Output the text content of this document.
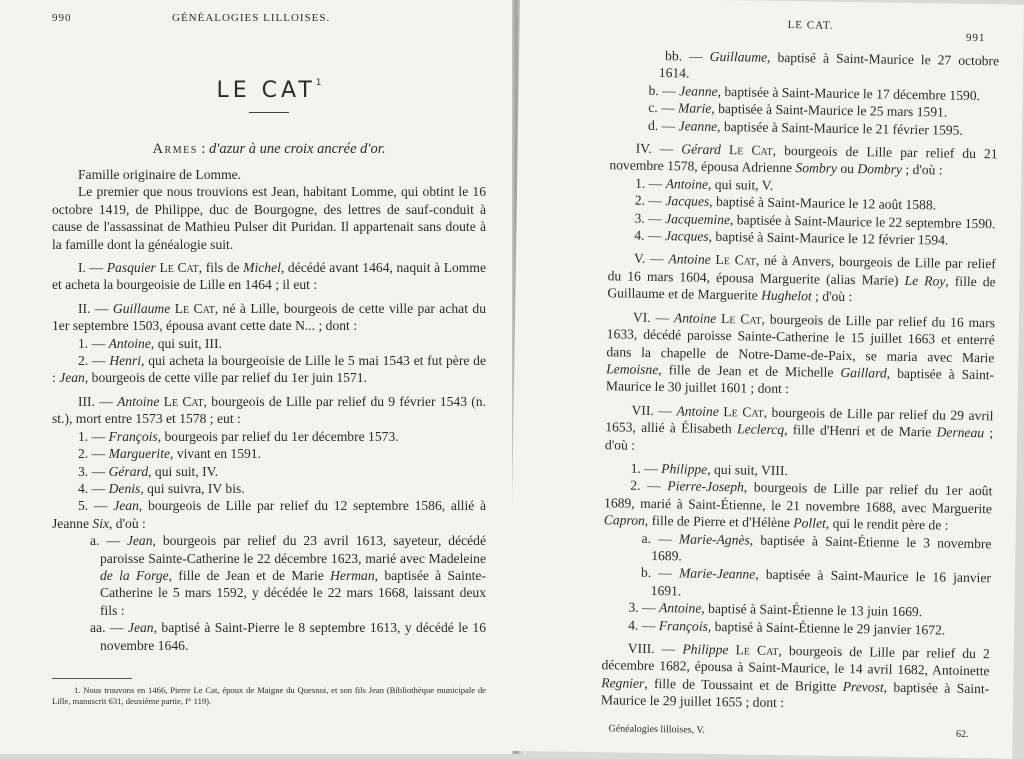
990	GÉNÉALOGIES LILLOISES.
LE CAT$^1$
Armes : d'azur à une croix ancrée d'or.

Famille originaire de Lomme.

Le premier que nous trouvions est Jean, habitant Lomme, qui obtint le 16 octobre 1419, de Philippe, duc de Bourgogne, des lettres de sauf-conduit à cause de l'assassinat de Mathieu Pulser dit Puridan. Il appartenait sans doute à la famille dont la généalogie suit.

I. — Pasquier Le Cat, fils de Michel, décédé avant 1464, naquit à Lomme et acheta la bourgeoisie de Lille en 1464 ; il eut :

II. — Guillaume Le Cat, né à Lille, bourgeois de cette ville par achat du 1er septembre 1503, épousa avant cette date N... ; dont :

1. — Antoine, qui suit, III.

2. — Henri, qui acheta la bourgeoisie de Lille le 5 mai 1543 et fut père de : Jean, bourgeois de cette ville par relief du 1er juin 1571.

III. — Antoine Le Cat, bourgeois de Lille par relief du 9 février 1543 (n. st.), mort entre 1573 et 1578 ; eut :

1. — François, bourgeois par relief du 1er décembre 1573.

2. — Marguerite, vivant en 1591.

3. — Gérard, qui suit, IV.

4. — Denis, qui suivra, IV bis.

5. — Jean, bourgeois de Lille par relief du 12 septembre 1586, allié à Jeanne Six, d'où :

a. — Jean, bourgeois par relief du 23 avril 1613, sayeteur, décédé paroisse Sainte-Catherine le 22 décembre 1623, marié avec Madeleine de la Forge, fille de Jean et de Marie Herman, baptisée à Sainte-Catherine le 5 mars 1592, y décédée le 22 mars 1668, laissant deux fils :

aa. — Jean, baptisé à Saint-Pierre le 8 septembre 1613, y décédé le 16 novembre 1646.

1. Nous trouvons en 1466, Pierre Le Cat, époux de Maigne du Quesnoi, et son fils Jean (Bibliothèque municipale de Lille, manuscrit 631, deuxième partie, f° 119).

LE CAT.
991

bb. — Guillaume, baptisé à Saint-Maurice le 27 octobre 1614.

b. — Jeanne, baptisée à Saint-Maurice le 17 décembre 1590.

c. — Marie, baptisée à Saint-Maurice le 25 mars 1591.

d. — Jeanne, baptisée à Saint-Maurice le 21 février 1595.

IV. — Gérard Le Cat, bourgeois de Lille par relief du 21 novembre 1578, épousa Adrienne Sombry ou Dombry ; d'où :

1. — Antoine, qui suit, V.

2. — Jacques, baptisé à Saint-Maurice le 12 août 1588.

3. — Jacquemine, baptisée à Saint-Maurice le 22 septembre 1590.

4. — Jacques, baptisé à Saint-Maurice le 12 février 1594.

V. — Antoine Le Cat, né à Anvers, bourgeois de Lille par relief du 16 mars 1604, épousa Marguerite (alias Marie) Le Roy, fille de Guillaume et de Marguerite Hughelot ; d'où :

VI. — Antoine Le Cat, bourgeois de Lille par relief du 16 mars 1633, décédé paroisse Sainte-Catherine le 15 juillet 1663 et enterré dans la chapelle de Notre-Dame-de-Paix, se maria avec Marie Lemoisne, fille de Jean et de Michelle Gaillard, baptisée à Saint-Maurice le 30 juillet 1601 ; dont :

VII. — Antoine Le Cat, bourgeois de Lille par relief du 29 avril 1653, allié à Élisabeth Leclercq, fille d'Henri et de Marie Derneau ; d'où :

1. — Philippe, qui suit, VIII.

2. — Pierre-Joseph, bourgeois de Lille par relief du 1er août 1689, marié à Saint-Étienne, le 21 novembre 1688, avec Marguerite Capron, fille de Pierre et d'Hélène Pollet, qui le rendit père de :

a. — Marie-Agnès, baptisée à Saint-Étienne le 3 novembre 1689.

b. — Marie-Jeanne, baptisée à Saint-Maurice le 16 janvier 1691.

3. — Antoine, baptisé à Saint-Étienne le 13 juin 1669.

4. — François, baptisé à Saint-Étienne le 29 janvier 1672.

VIII. — Philippe Le Cat, bourgeois de Lille par relief du 2 décembre 1682, épousa à Saint-Maurice, le 14 avril 1682, Antoinette Regnier, fille de Toussaint et de Brigitte Prevost, baptisée à Saint-Maurice le 29 juillet 1655 ; dont :

Généalogies lilloises, V.	62.
